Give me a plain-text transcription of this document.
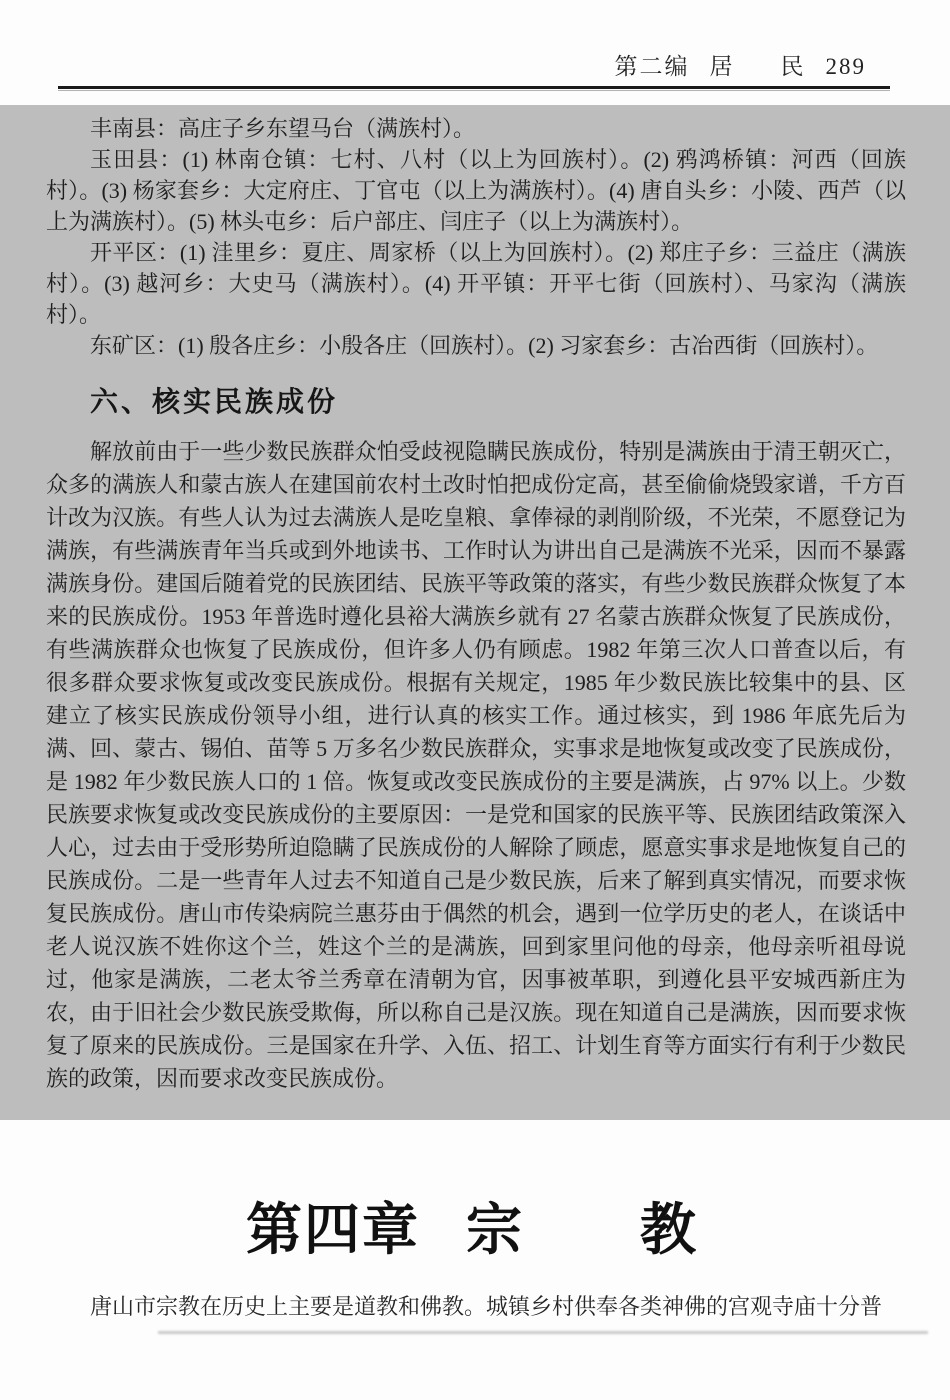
第二编 居 民 289

丰南县：高庄子乡东望马台（满族村）。

玉田县：(1) 林南仓镇：七村、八村（以上为回族村）。(2) 鸦鸿桥镇：河西（回族村）。(3) 杨家套乡：大定府庄、丁官屯（以上为满族村）。(4) 唐自头乡：小陵、西芦（以上为满族村）。(5) 林头屯乡：后户部庄、闫庄子（以上为满族村）。

开平区：(1) 洼里乡：夏庄、周家桥（以上为回族村）。(2) 郑庄子乡：三益庄（满族村）。(3) 越河乡：大史马（满族村）。(4) 开平镇：开平七街（回族村）、马家沟（满族村）。

东矿区：(1) 殷各庄乡：小殷各庄（回族村）。(2) 习家套乡：古冶西街（回族村）。

六、核实民族成份

解放前由于一些少数民族群众怕受歧视隐瞒民族成份，特别是满族由于清王朝灭亡，众多的满族人和蒙古族人在建国前农村土改时怕把成份定高，甚至偷偷烧毁家谱，千方百计改为汉族。有些人认为过去满族人是吃皇粮、拿俸禄的剥削阶级，不光荣，不愿登记为满族，有些满族青年当兵或到外地读书、工作时认为讲出自己是满族不光采，因而不暴露满族身份。建国后随着党的民族团结、民族平等政策的落实，有些少数民族群众恢复了本来的民族成份。1953 年普选时遵化县裕大满族乡就有 27 名蒙古族群众恢复了民族成份，有些满族群众也恢复了民族成份，但许多人仍有顾虑。1982 年第三次人口普查以后，有很多群众要求恢复或改变民族成份。根据有关规定，1985 年少数民族比较集中的县、区建立了核实民族成份领导小组，进行认真的核实工作。通过核实，到 1986 年底先后为满、回、蒙古、锡伯、苗等 5 万多名少数民族群众，实事求是地恢复或改变了民族成份，是 1982 年少数民族人口的 1 倍。恢复或改变民族成份的主要是满族，占 97% 以上。少数民族要求恢复或改变民族成份的主要原因：一是党和国家的民族平等、民族团结政策深入人心，过去由于受形势所迫隐瞒了民族成份的人解除了顾虑，愿意实事求是地恢复自己的民族成份。二是一些青年人过去不知道自己是少数民族，后来了解到真实情况，而要求恢复民族成份。唐山市传染病院兰惠芬由于偶然的机会，遇到一位学历史的老人，在谈话中老人说汉族不姓你这个兰，姓这个兰的是满族，回到家里问他的母亲，他母亲听祖母说过，他家是满族，二老太爷兰秀章在清朝为官，因事被革职，到遵化县平安城西新庄为农，由于旧社会少数民族受欺侮，所以称自己是汉族。现在知道自己是满族，因而要求恢复了原来的民族成份。三是国家在升学、入伍、招工、计划生育等方面实行有利于少数民族的政策，因而要求改变民族成份。

第四章 宗 教

唐山市宗教在历史上主要是道教和佛教。城镇乡村供奉各类神佛的宫观寺庙十分普
